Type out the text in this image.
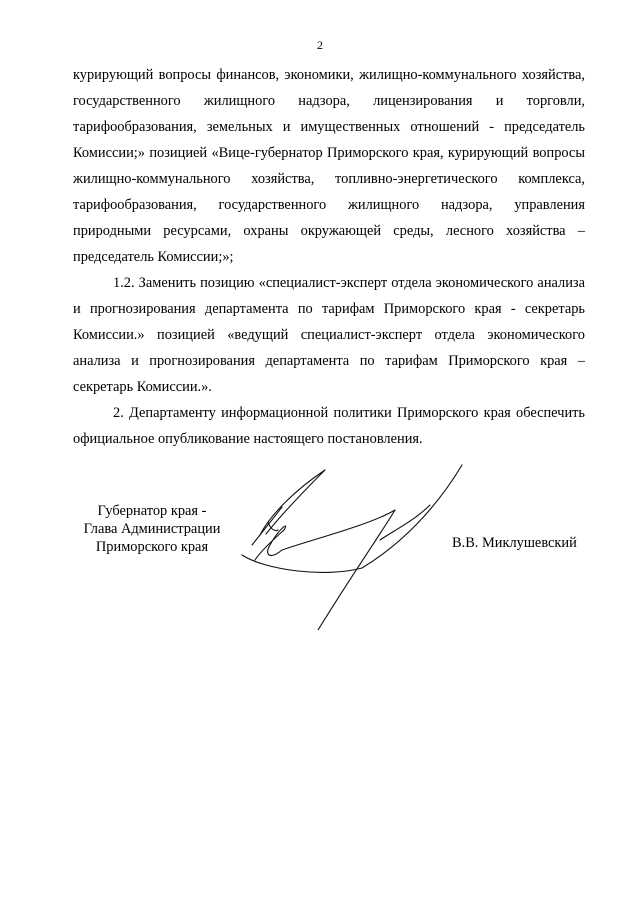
2

курирующий вопросы финансов, экономики, жилищно-коммунального хозяйства, государственного жилищного надзора, лицензирования и торговли, тарифообразования, земельных и имущественных отношений - председатель Комиссии;» позицией «Вице-губернатор Приморского края, курирующий вопросы жилищно-коммунального хозяйства, топливно-энергетического комплекса, тарифообразования, государственного жилищного надзора, управления природными ресурсами, охраны окружающей среды, лесного хозяйства – председатель Комиссии;»;

1.2. Заменить позицию «специалист-эксперт отдела экономического анализа и прогнозирования департамента по тарифам Приморского края - секретарь Комиссии.» позицией «ведущий специалист-эксперт отдела экономического анализа и прогнозирования департамента по тарифам Приморского края – секретарь Комиссии.».

2. Департаменту информационной политики Приморского края обеспечить официальное опубликование настоящего постановления.

Губернатор края -
Глава Администрации
Приморского края	В.В. Миклушевский
